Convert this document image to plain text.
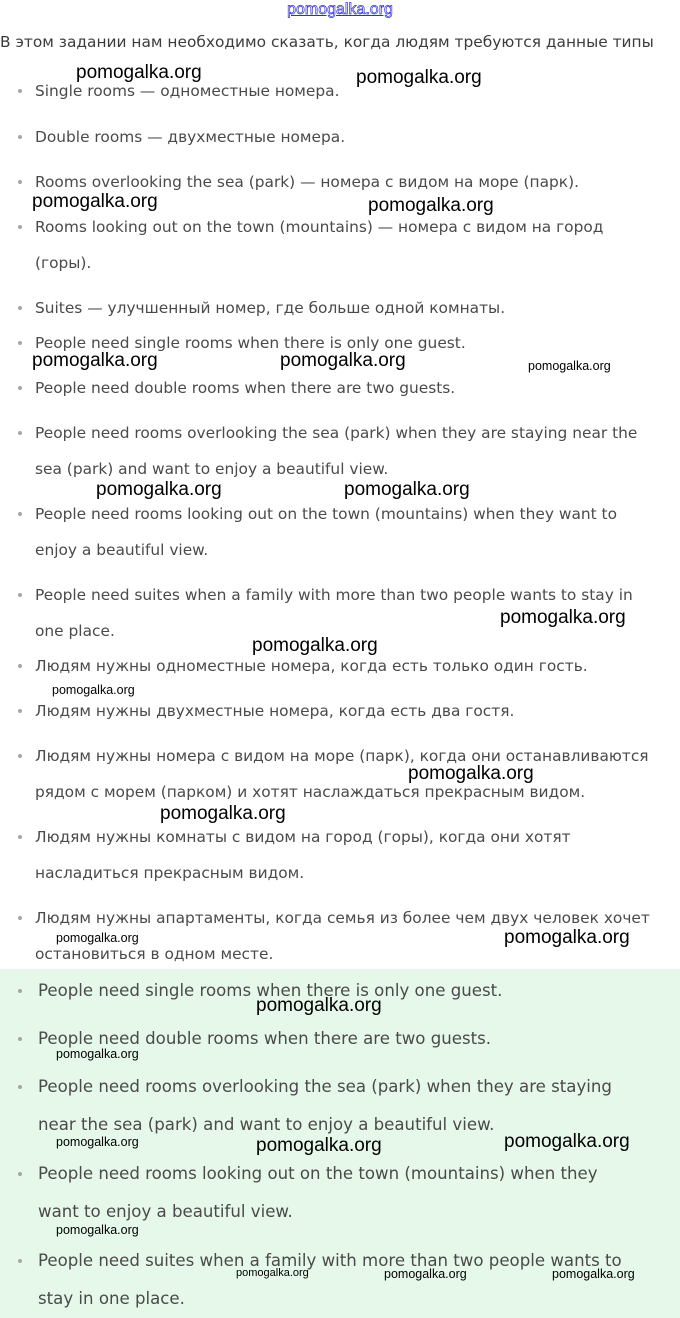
pomogalka.org
В этом задании нам необходимо сказать, когда людям требуются данные типы
Single rooms — одноместные номера.
Double rooms — двухместные номера.
Rooms overlooking the sea (park) — номера с видом на море (парк).
Rooms looking out on the town (mountains) — номера с видом на город
(горы).
Suites — улучшенный номер, где больше одной комнаты.
People need single rooms when there is only one guest.
People need double rooms when there are two guests.
People need rooms overlooking the sea (park) when they are staying near the
sea (park) and want to enjoy a beautiful view.
People need rooms looking out on the town (mountains) when they want to
enjoy a beautiful view.
People need suites when a family with more than two people wants to stay in
one place.
Людям нужны одноместные номера, когда есть только один гость.
Людям нужны двухместные номера, когда есть два гостя.
Людям нужны номера с видом на море (парк), когда они останавливаются
рядом с морем (парком) и хотят наслаждаться прекрасным видом.
Людям нужны комнаты с видом на город (горы), когда они хотят
насладиться прекрасным видом.
Людям нужны апартаменты, когда семья из более чем двух человек хочет
остановиться в одном месте.
People need single rooms when there is only one guest.
People need double rooms when there are two guests.
People need rooms overlooking the sea (park) when they are staying
near the sea (park) and want to enjoy a beautiful view.
People need rooms looking out on the town (mountains) when they
want to enjoy a beautiful view.
People need suites when a family with more than two people wants to
stay in one place.
pomogalka.org	pomogalka.org
pomogalka.org	pomogalka.org
pomogalka.org	pomogalka.org	pomogalka.org
pomogalka.org	pomogalka.org
pomogalka.org
pomogalka.org
pomogalka.org
pomogalka.org
pomogalka.org
pomogalka.org	pomogalka.org
pomogalka.org
pomogalka.org
pomogalka.org	pomogalka.org	pomogalka.org
pomogalka.org
pomogalka.org	pomogalka.org	pomogalka.org
